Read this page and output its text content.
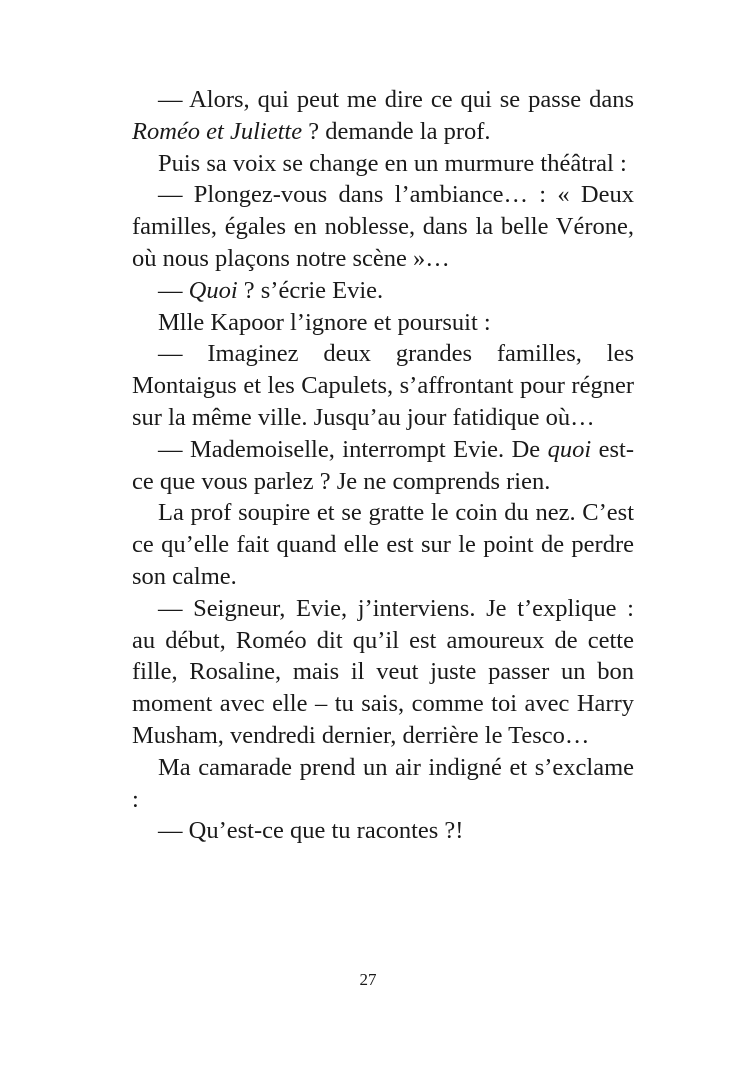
— Alors, qui peut me dire ce qui se passe dans Roméo et Juliette ? demande la prof.

Puis sa voix se change en un murmure théâtral :

— Plongez-vous dans l’ambiance… : « Deux familles, égales en noblesse, dans la belle Vérone, où nous plaçons notre scène »…

— Quoi ? s’écrie Evie.

Mlle Kapoor l’ignore et poursuit :

— Imaginez deux grandes familles, les Montaigus et les Capulets, s’affrontant pour régner sur la même ville. Jusqu’au jour fatidique où…

— Mademoiselle, interrompt Evie. De quoi est-ce que vous parlez ? Je ne comprends rien.

La prof soupire et se gratte le coin du nez. C’est ce qu’elle fait quand elle est sur le point de perdre son calme.

— Seigneur, Evie, j’interviens. Je t’explique : au début, Roméo dit qu’il est amoureux de cette fille, Rosaline, mais il veut juste passer un bon moment avec elle – tu sais, comme toi avec Harry Musham, vendredi dernier, derrière le Tesco…

Ma camarade prend un air indigné et s’exclame :

— Qu’est-ce que tu racontes ?!

27
